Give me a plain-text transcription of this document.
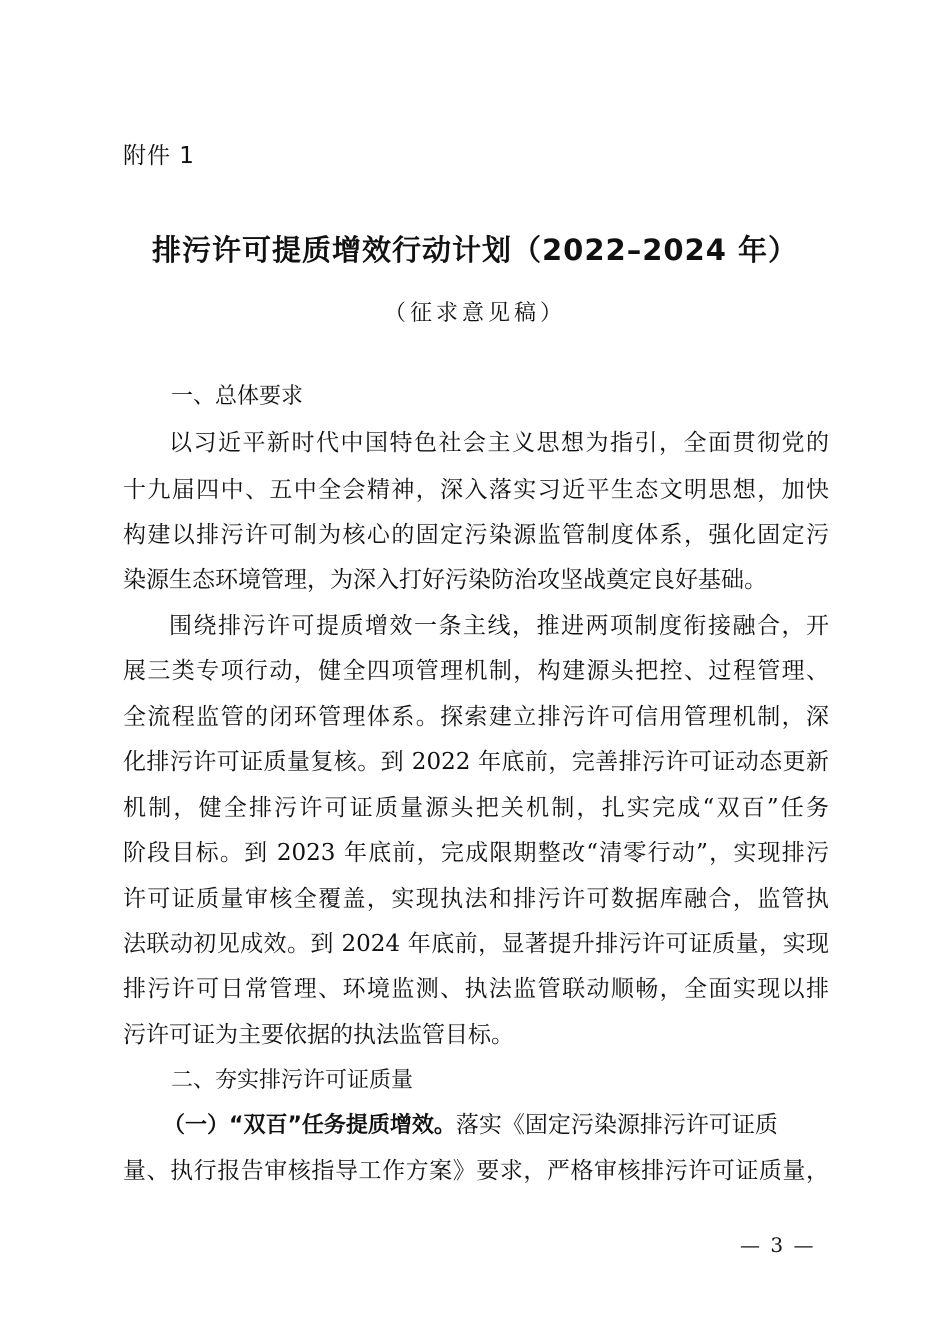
附件 1
排污许可提质增效行动计划（2022–2024 年）
（征求意见稿）
一、总体要求
以习近平新时代中国特色社会主义思想为指引，全面贯彻党的
十九届四中、五中全会精神，深入落实习近平生态文明思想，加快
构建以排污许可制为核心的固定污染源监管制度体系，强化固定污
染源生态环境管理，为深入打好污染防治攻坚战奠定良好基础。
围绕排污许可提质增效一条主线，推进两项制度衔接融合，开
展三类专项行动，健全四项管理机制，构建源头把控、过程管理、
全流程监管的闭环管理体系。探索建立排污许可信用管理机制，深
化排污许可证质量复核。到 2022 年底前，完善排污许可证动态更新
机制，健全排污许可证质量源头把关机制，扎实完成“双百”任务
阶段目标。到 2023 年底前，完成限期整改“清零行动”，实现排污
许可证质量审核全覆盖，实现执法和排污许可数据库融合，监管执
法联动初见成效。到 2024 年底前，显著提升排污许可证质量，实现
排污许可日常管理、环境监测、执法监管联动顺畅，全面实现以排
污许可证为主要依据的执法监管目标。
二、夯实排污许可证质量
（一）“双百”任务提质增效。落实《固定污染源排污许可证质
量、执行报告审核指导工作方案》要求，严格审核排污许可证质量，
— 3 —
